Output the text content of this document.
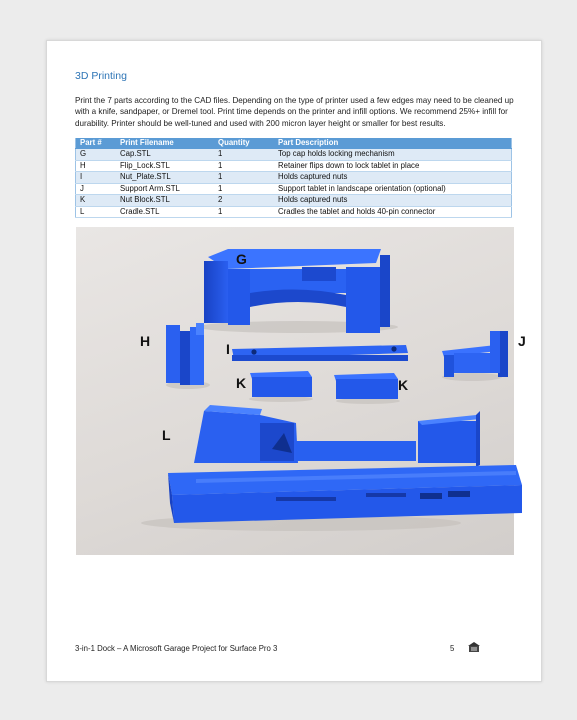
3D Printing
Print the 7 parts according to the CAD files. Depending on the type of printer used a few edges may need to be cleaned up with a knife, sandpaper, or Dremel tool. Print time depends on the printer and infill options. We recommend 25%+ infill for durability. Printer should be well-tuned and used with 200 micron layer height or smaller for best results.
Part #	Print Filename	Quantity	Part Description
G	Cap.STL	1	Top cap holds locking mechanism
H	Flip_Lock.STL	1	Retainer flips down to lock tablet in place
I	Nut_Plate.STL	1	Holds captured nuts
J	Support Arm.STL	1	Support tablet in landscape orientation (optional)
K	Nut Block.STL	2	Holds captured nuts
L	Cradle.STL	1	Cradles the tablet and holds 40-pin connector
G
H	I	J
K	K
L
3-in-1 Dock – A Microsoft Garage Project for Surface Pro 3	5
